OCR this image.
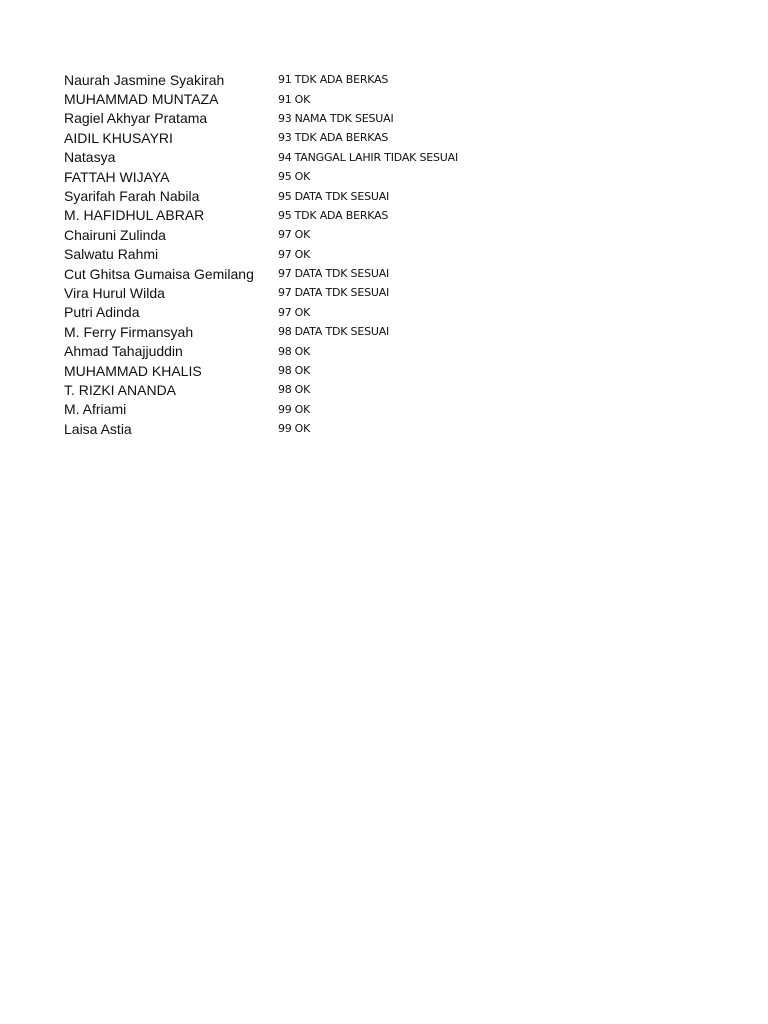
Naurah Jasmine Syakirah	91 TDK ADA BERKAS
MUHAMMAD MUNTAZA	91 OK
Ragiel Akhyar Pratama	93 NAMA TDK SESUAI
AIDIL KHUSAYRI	93 TDK ADA BERKAS
Natasya	94 TANGGAL LAHIR TIDAK SESUAI
FATTAH WIJAYA	95 OK
Syarifah Farah Nabila	95 DATA TDK SESUAI
M. HAFIDHUL ABRAR	95 TDK ADA BERKAS
Chairuni Zulinda	97 OK
Salwatu Rahmi	97 OK
Cut Ghitsa Gumaisa Gemilang	97 DATA TDK SESUAI
Vira Hurul Wilda	97 DATA TDK SESUAI
Putri Adinda	97 OK
M. Ferry Firmansyah	98 DATA TDK SESUAI
Ahmad Tahajjuddin	98 OK
MUHAMMAD KHALIS	98 OK
T. RIZKI ANANDA	98 OK
M. Afriami	99 OK
Laisa Astia	99 OK
